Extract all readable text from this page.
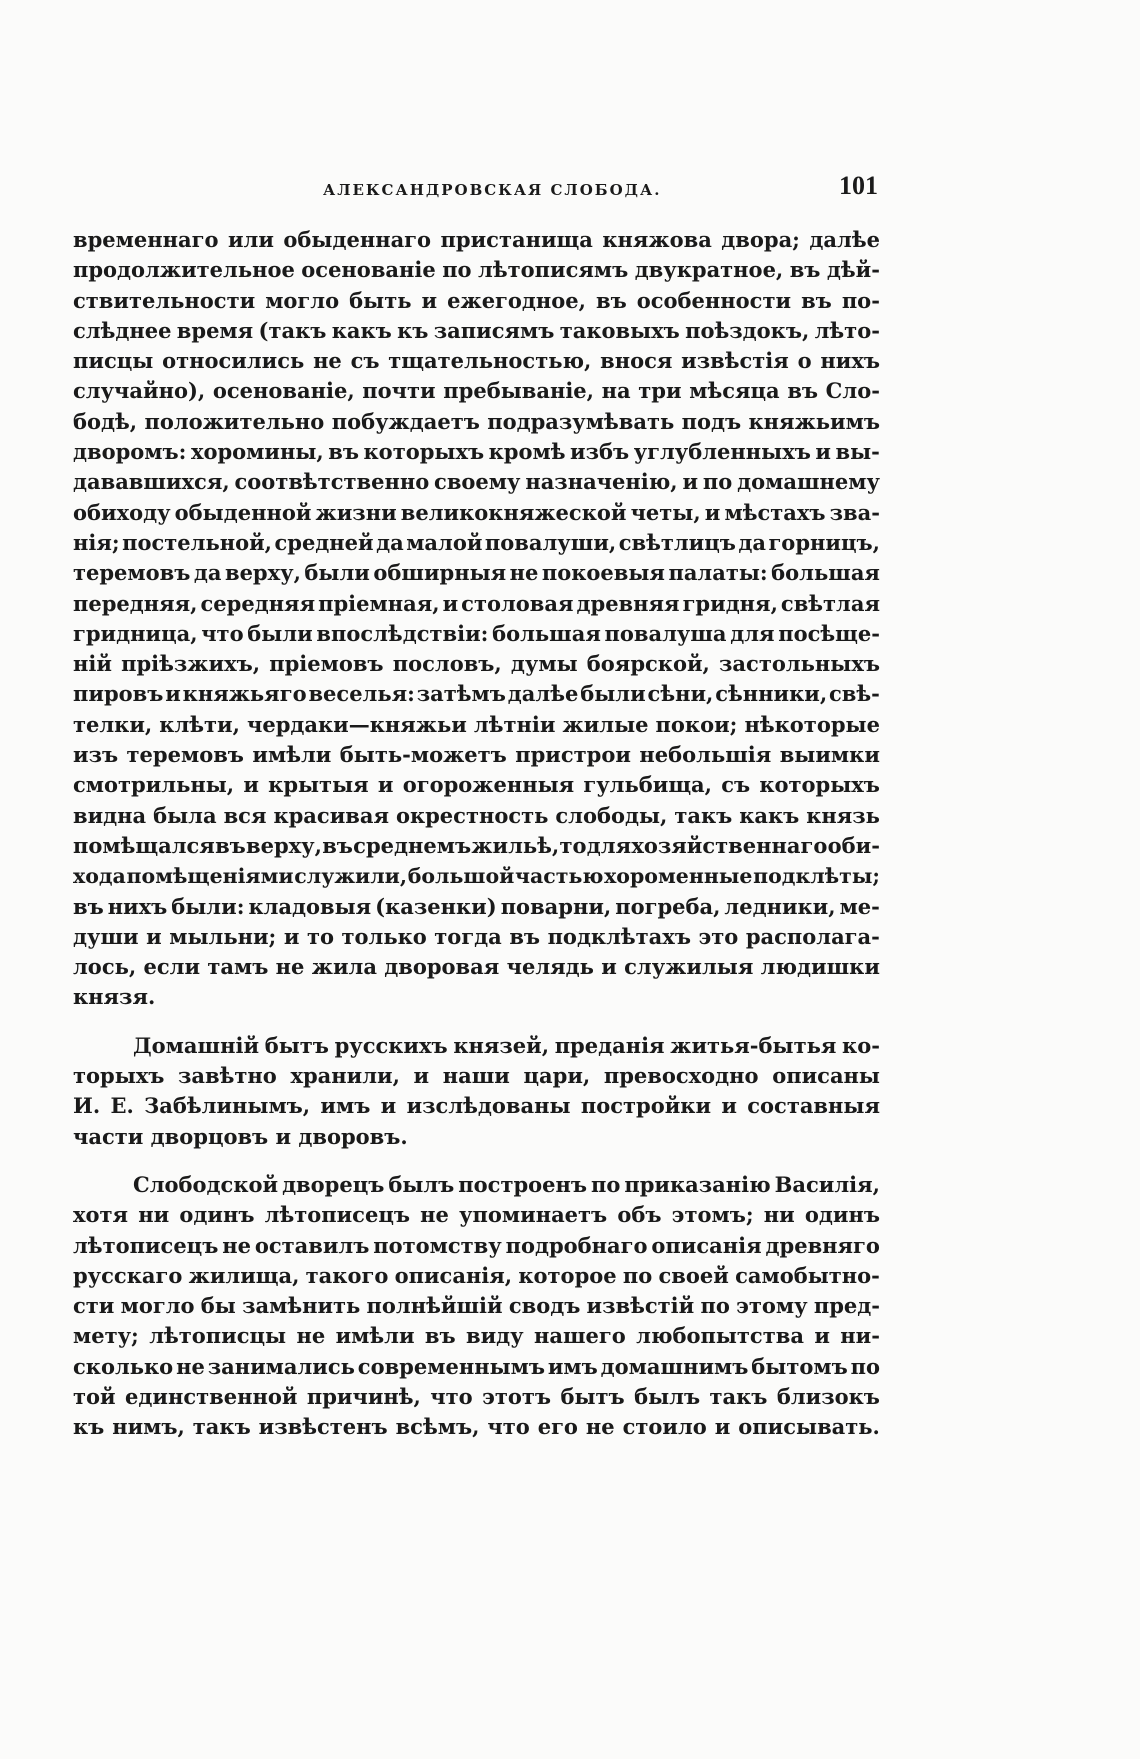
АЛЕКСАНДРОВСКАЯ СЛОБОДА.	101
временнаго или обыденнаго пристанища княжова двора; далѣе
продолжительное осенованіе по лѣтописямъ двукратное, въ дѣй-
ствительности могло быть и ежегодное, въ особенности въ по-
слѣднее время (такъ какъ къ записямъ таковыхъ поѣздокъ, лѣто-
писцы относились не съ тщательностью, внося извѣстія о нихъ
случайно), осенованіе, почти пребываніе, на три мѣсяца въ Сло-
бодѣ, положительно побуждаетъ подразумѣвать подъ княжьимъ
дворомъ: хоромины, въ которыхъ кромѣ избъ углубленныхъ и вы-
дававшихся, соотвѣтственно своему назначенію, и по домашнему
обиходу обыденной жизни великокняжеской четы, и мѣстахъ зва-
нія; постельной, средней да малой повалуши, свѣтлицъ да горницъ,
теремовъ да верху, были обширныя не покоевыя палаты: большая
передняя, середняя пріемная, и столовая древняя гридня, свѣтлая
гридница, что были впослѣдствіи: большая повалуша для посѣще-
ній пріѣзжихъ, пріемовъ пословъ, думы боярской, застольныхъ
пировъ и княжьяго веселья: затѣмъ далѣе были сѣни, сѣнники, свѣ-
телки, клѣти, чердаки—княжьи лѣтніи жилые покои; нѣкоторые
изъ теремовъ имѣли быть-можетъ пристрои небольшія выимки
смотрильны, и крытыя и огороженныя гульбища, съ которыхъ
видна была вся красивая окрестность слободы, такъ какъ князь
помѣщался въ верху, въ среднемъ жильѣ, то для хозяйственнаго оби-
хода помѣщеніями служили, большой частью хороменные подклѣты;
въ нихъ были: кладовыя (казенки) поварни, погреба, ледники, ме-
души и мыльни; и то только тогда въ подклѣтахъ это располага-
лось, если тамъ не жила дворовая челядь и служилыя людишки
князя.
Домашній бытъ русскихъ князей, преданія житья-бытья ко-
торыхъ завѣтно хранили, и наши цари, превосходно описаны
И. Е. Забѣлинымъ, имъ и изслѣдованы постройки и составныя
части дворцовъ и дворовъ.
Слободской дворецъ былъ построенъ по приказанію Василія,
хотя ни одинъ лѣтописецъ не упоминаетъ объ этомъ; ни одинъ
лѣтописецъ не оставилъ потомству подробнаго описанія древняго
русскаго жилища, такого описанія, которое по своей самобытно-
сти могло бы замѣнить полнѣйшій сводъ извѣстій по этому пред-
мету; лѣтописцы не имѣли въ виду нашего любопытства и ни-
сколько не занимались современнымъ имъ домашнимъ бытомъ по
той единственной причинѣ, что этотъ бытъ былъ такъ близокъ
къ нимъ, такъ извѣстенъ всѣмъ, что его не стоило и описывать.
